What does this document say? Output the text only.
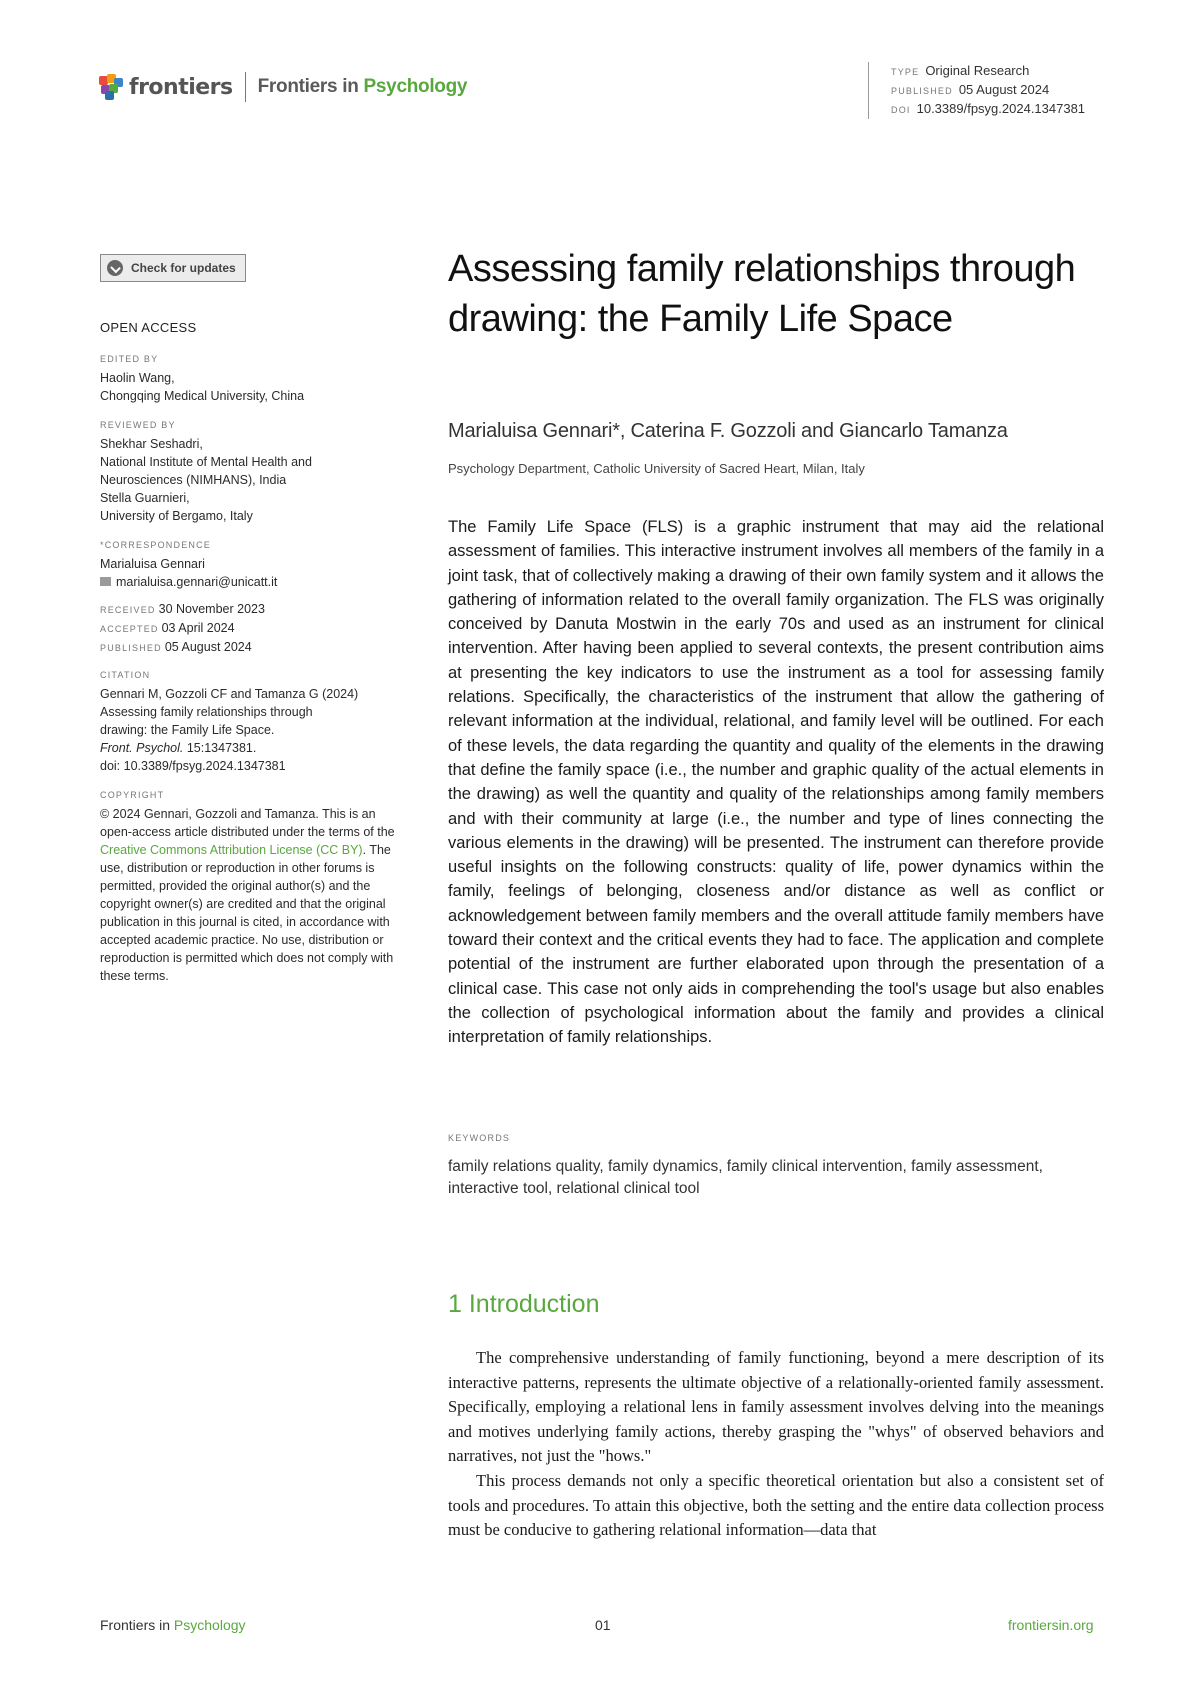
frontiers Frontiers in Psychology
TYPE Original Research
PUBLISHED 05 August 2024
DOI 10.3389/fpsyg.2024.1347381
Check for updates
OPEN ACCESS
EDITED BY

Haolin Wang,

Chongqing Medical University, China

REVIEWED BY

Shekhar Seshadri,

National Institute of Mental Health and

Neurosciences (NIMHANS), India

Stella Guarnieri,

University of Bergamo, Italy

*CORRESPONDENCE

Marialuisa Gennari

marialuisa.gennari@unicatt.it

RECEIVED 30 November 2023

ACCEPTED 03 April 2024

PUBLISHED 05 August 2024

CITATION

Gennari M, Gozzoli CF and Tamanza G (2024)

Assessing family relationships through

drawing: the Family Life Space.

Front. Psychol. 15:1347381.

doi: 10.3389/fpsyg.2024.1347381

COPYRIGHT

© 2024 Gennari, Gozzoli and Tamanza. This is an open-access article distributed under the terms of the Creative Commons Attribution License (CC BY). The use, distribution or reproduction in other forums is permitted, provided the original author(s) and the copyright owner(s) are credited and that the original publication in this journal is cited, in accordance with accepted academic practice. No use, distribution or reproduction is permitted which does not comply with these terms.

Assessing family relationships through drawing: the Family Life Space
Marialuisa Gennari*, Caterina F. Gozzoli and Giancarlo Tamanza
Psychology Department, Catholic University of Sacred Heart, Milan, Italy

The Family Life Space (FLS) is a graphic instrument that may aid the relational assessment of families. This interactive instrument involves all members of the family in a joint task, that of collectively making a drawing of their own family system and it allows the gathering of information related to the overall family organization. The FLS was originally conceived by Danuta Mostwin in the early 70s and used as an instrument for clinical intervention. After having been applied to several contexts, the present contribution aims at presenting the key indicators to use the instrument as a tool for assessing family relations. Specifically, the characteristics of the instrument that allow the gathering of relevant information at the individual, relational, and family level will be outlined. For each of these levels, the data regarding the quantity and quality of the elements in the drawing that define the family space (i.e., the number and graphic quality of the actual elements in the drawing) as well the quantity and quality of the relationships among family members and with their community at large (i.e., the number and type of lines connecting the various elements in the drawing) will be presented. The instrument can therefore provide useful insights on the following constructs: quality of life, power dynamics within the family, feelings of belonging, closeness and/or distance as well as conflict or acknowledgement between family members and the overall attitude family members have toward their context and the critical events they had to face. The application and complete potential of the instrument are further elaborated upon through the presentation of a clinical case. This case not only aids in comprehending the tool's usage but also enables the collection of psychological information about the family and provides a clinical interpretation of family relationships.

KEYWORDS

family relations quality, family dynamics, family clinical intervention, family assessment, interactive tool, relational clinical tool

1 Introduction

The comprehensive understanding of family functioning, beyond a mere description of its interactive patterns, represents the ultimate objective of a relationally-oriented family assessment. Specifically, employing a relational lens in family assessment involves delving into the meanings and motives underlying family actions, thereby grasping the "whys" of observed behaviors and narratives, not just the "hows."

This process demands not only a specific theoretical orientation but also a consistent set of tools and procedures. To attain this objective, both the setting and the entire data collection process must be conducive to gathering relational information—data that

Frontiers in Psychology	01	frontiersin.org
